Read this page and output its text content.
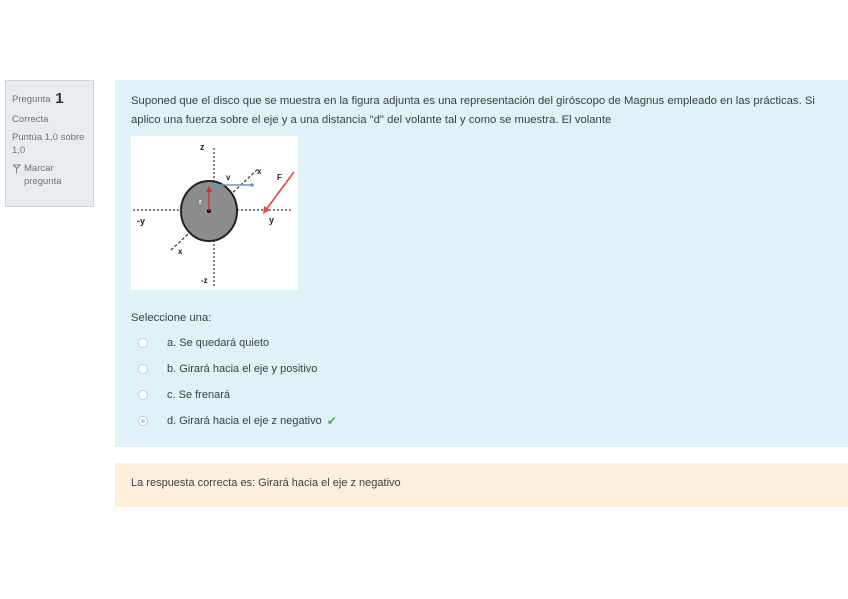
Pregunta 1
Correcta
Puntúa 1,0 sobre 1,0
Marcar pregunta
Suponed que el disco que se muestra en la figura adjunta es una representación del giróscopo de Magnus empleado en las prácticas. Si aplico una fuerza sobre el eje y a una distancia "d" del volante tal y como se muestra. El volante
z
-z
-y	y
x
x
v	F
r
Seleccione una:
a. Se quedará quieto
b. Girará hacia el eje y positivo
c. Se frenará
d. Girará hacia el eje z negativo ✔
La respuesta correcta es: Girará hacia el eje z negativo
